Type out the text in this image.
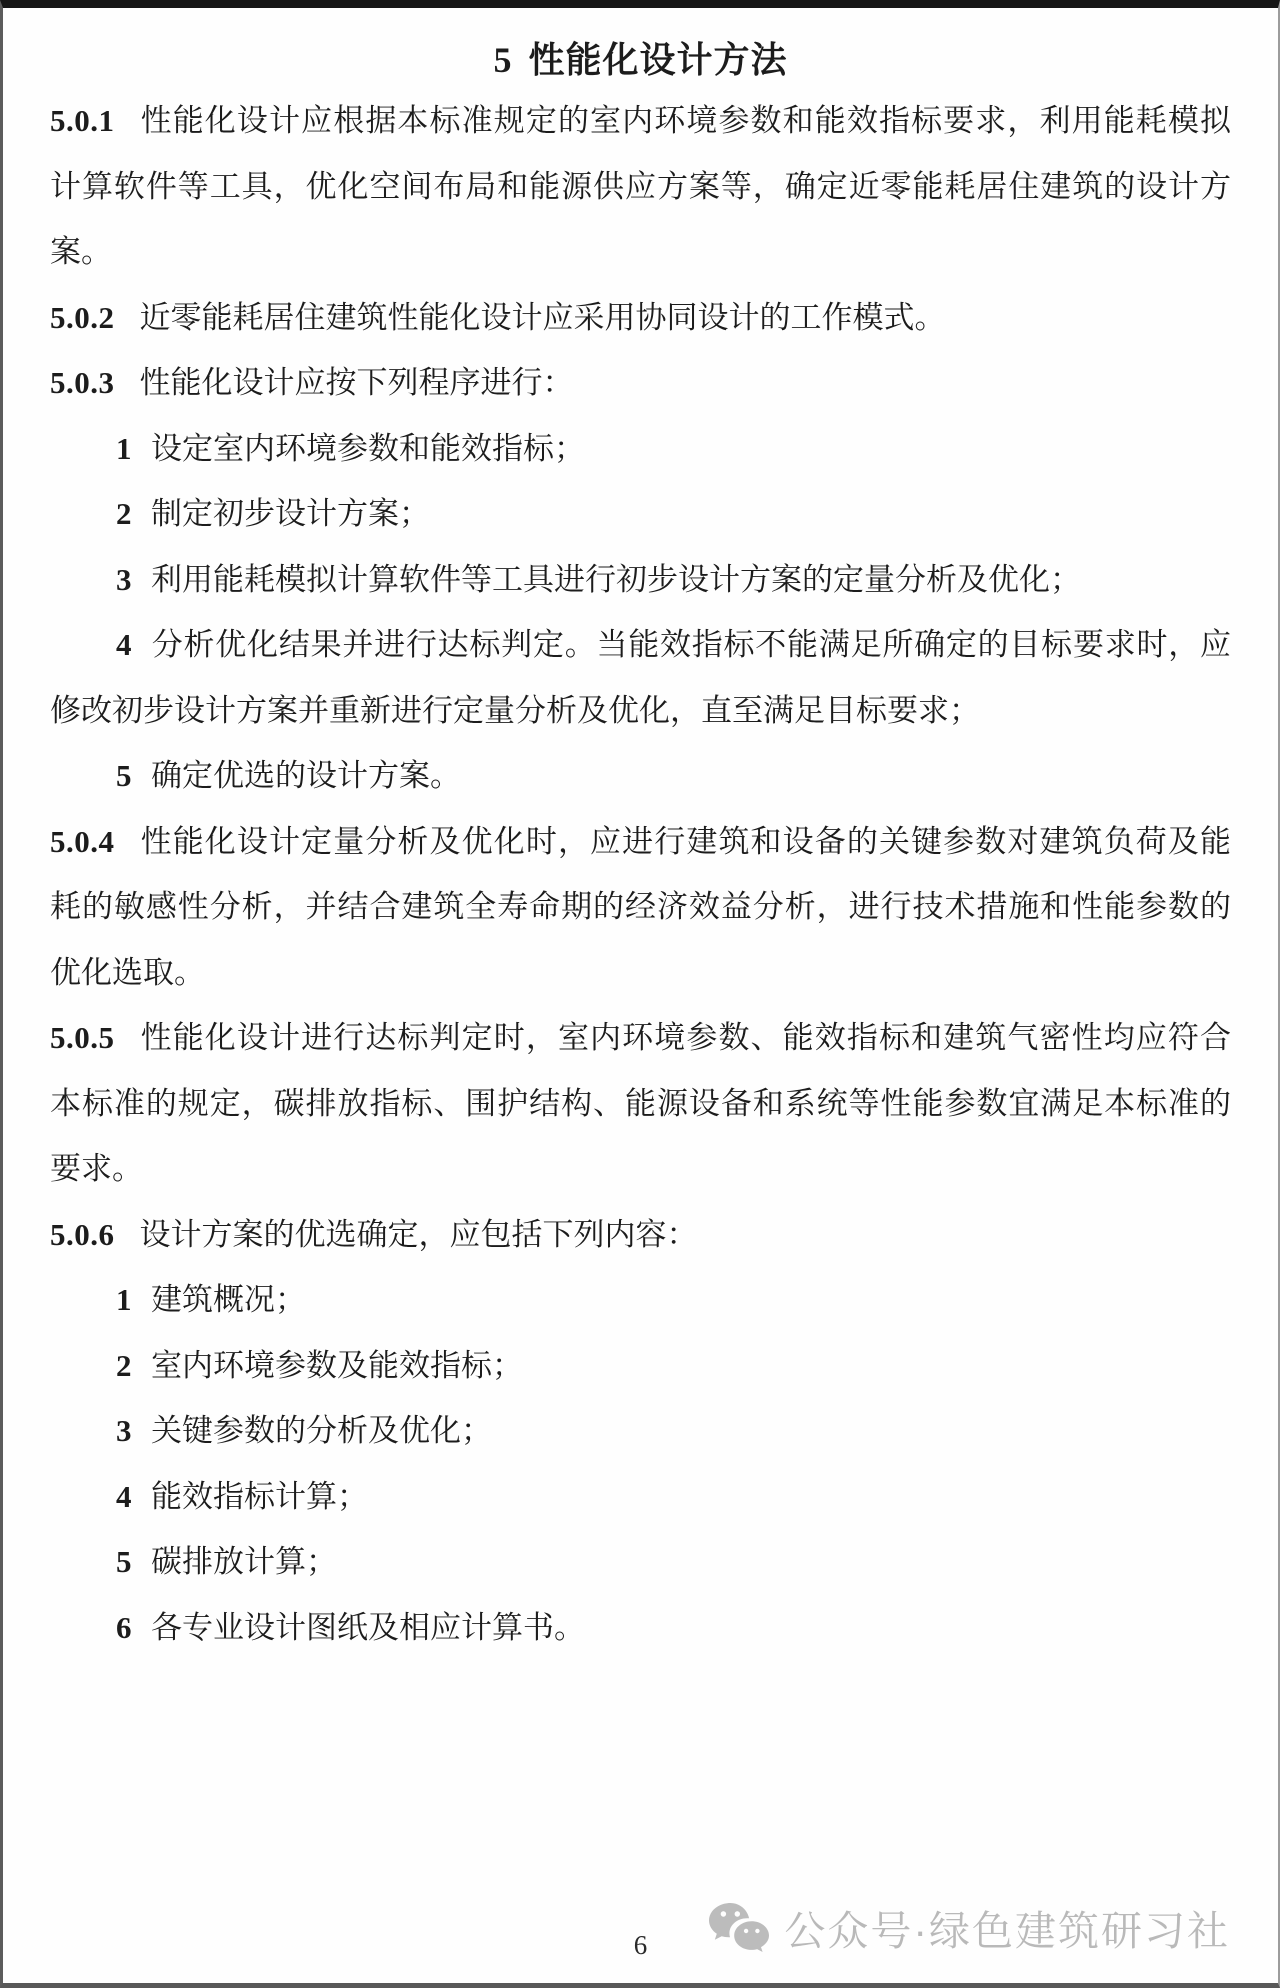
5 性能化设计方法
5.0.1 性能化设计应根据本标准规定的室内环境参数和能效指标要求，利用能耗模拟
计算软件等工具，优化空间布局和能源供应方案等，确定近零能耗居住建筑的设计方
案。
5.0.2 近零能耗居住建筑性能化设计应采用协同设计的工作模式。
5.0.3 性能化设计应按下列程序进行：
1 设定室内环境参数和能效指标；
2 制定初步设计方案；
3 利用能耗模拟计算软件等工具进行初步设计方案的定量分析及优化；
4 分析优化结果并进行达标判定。当能效指标不能满足所确定的目标要求时，应
修改初步设计方案并重新进行定量分析及优化，直至满足目标要求；
5 确定优选的设计方案。
5.0.4 性能化设计定量分析及优化时，应进行建筑和设备的关键参数对建筑负荷及能
耗的敏感性分析，并结合建筑全寿命期的经济效益分析，进行技术措施和性能参数的
优化选取。
5.0.5 性能化设计进行达标判定时，室内环境参数、能效指标和建筑气密性均应符合
本标准的规定，碳排放指标、围护结构、能源设备和系统等性能参数宜满足本标准的
要求。
5.0.6 设计方案的优选确定，应包括下列内容：
1 建筑概况；
2 室内环境参数及能效指标；
3 关键参数的分析及优化；
4 能效指标计算；
5 碳排放计算；
6 各专业设计图纸及相应计算书。
6	公众号·绿色建筑研习社
